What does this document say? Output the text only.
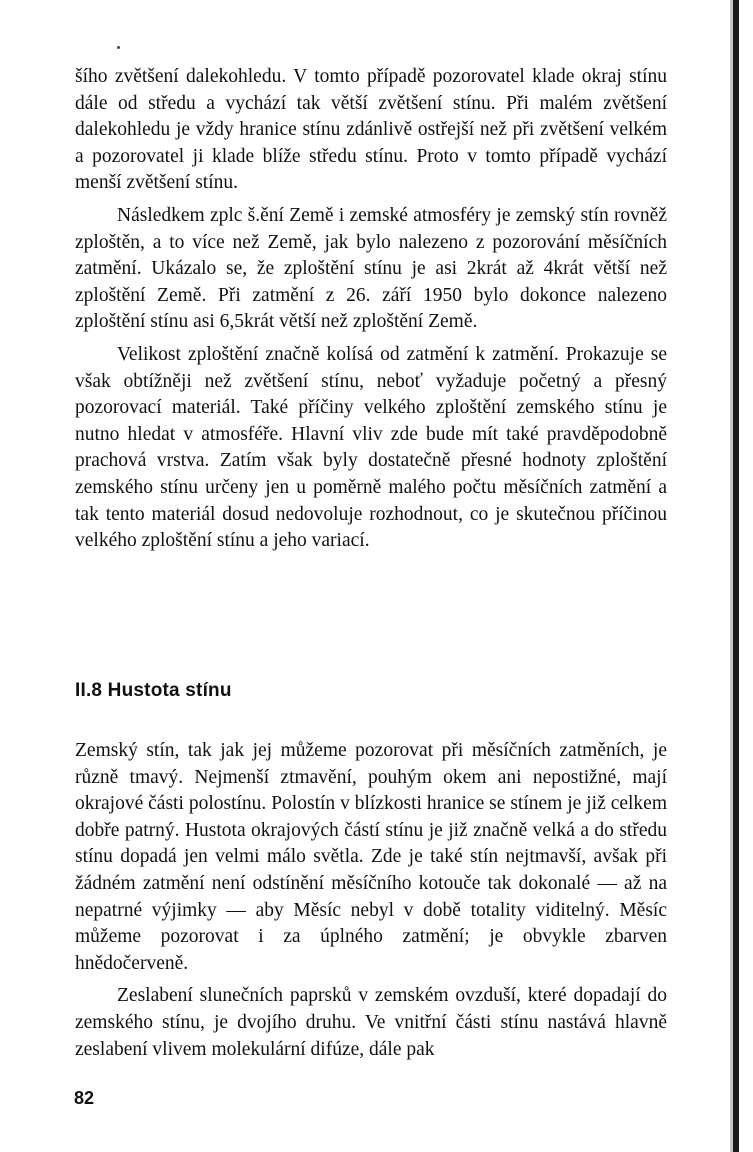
šího zvětšení dalekohledu. V tomto případě pozorovatel klade okraj stínu dále od středu a vychází tak větší zvětšení stínu. Při malém zvětšení dalekohledu je vždy hranice stínu zdánlivě ostřejší než při zvětšení velkém a pozorovatel ji klade blíže středu stínu. Proto v tomto případě vychází menší zvětšení stínu.

Následkem zplc š.ění Země i zemské atmosféry je zemský stín rovněž zploštěn, a to více než Země, jak bylo nalezeno z pozorování měsíčních zatmění. Ukázalo se, že zploštění stínu je asi 2krát až 4krát větší než zploštění Země. Při zatmění z 26. září 1950 bylo dokonce nalezeno zploštění stínu asi 6,5krát větší než zploštění Země.

Velikost zploštění značně kolísá od zatmění k zatmění. Prokazuje se však obtížněji než zvětšení stínu, neboť vyžaduje početný a přesný pozorovací materiál. Také příčiny velkého zploštění zemského stínu je nutno hledat v atmosféře. Hlavní vliv zde bude mít také pravděpodobně prachová vrstva. Zatím však byly dostatečně přesné hodnoty zploštění zemského stínu určeny jen u poměrně malého počtu měsíčních zatmění a tak tento materiál dosud nedovoluje rozhodnout, co je skutečnou příčinou velkého zploštění stínu a jeho variací.

II.8 Hustota stínu

Zemský stín, tak jak jej můžeme pozorovat při měsíčních zatměních, je různě tmavý. Nejmenší ztmavění, pouhým okem ani nepostižné, mají okrajové části polostínu. Polostín v blízkosti hranice se stínem je již celkem dobře patrný. Hustota okrajových částí stínu je již značně velká a do středu stínu dopadá jen velmi málo světla. Zde je také stín nejtmavší, avšak při žádném zatmění není odstínění měsíčního kotouče tak dokonalé — až na nepatrné výjimky — aby Měsíc nebyl v době totality viditelný. Měsíc můžeme pozorovat i za úplného zatmění; je obvykle zbarven hnědočerveně.

Zeslabení slunečních paprsků v zemském ovzduší, které dopadají do zemského stínu, je dvojího druhu. Ve vnitřní části stínu nastává hlavně zeslabení vlivem molekulární difúze, dále pak

82
